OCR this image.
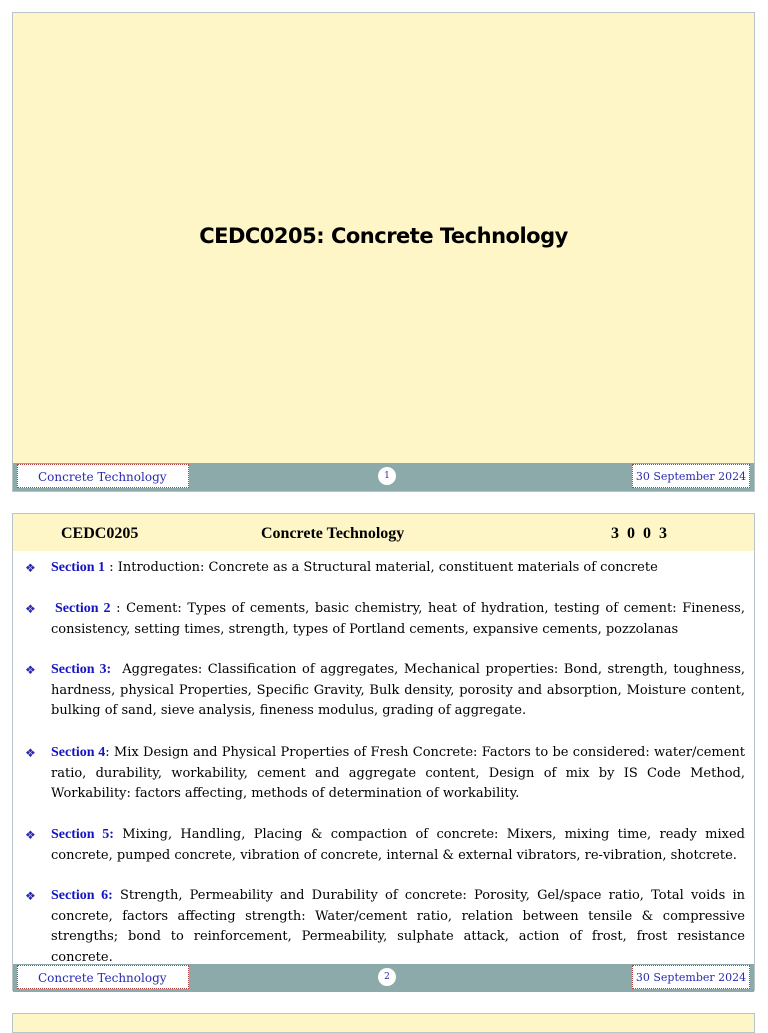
CEDC0205: Concrete Technology
Concrete Technology	1	30 September 2024
CEDC0205	Concrete Technology	3 0 0 3
❖ Section 1 : Introduction: Concrete as a Structural material, constituent materials of concrete
❖ Section 2 : Cement: Types of cements, basic chemistry, heat of hydration, testing of cement: Fineness, consistency, setting times, strength, types of Portland cements, expansive cements, pozzolanas
❖ Section 3: Aggregates: Classification of aggregates, Mechanical properties: Bond, strength, toughness, hardness, physical Properties, Specific Gravity, Bulk density, porosity and absorption, Moisture content, bulking of sand, sieve analysis, fineness modulus, grading of aggregate.
❖ Section 4: Mix Design and Physical Properties of Fresh Concrete: Factors to be considered: water/cement ratio, durability, workability, cement and aggregate content, Design of mix by IS Code Method, Workability: factors affecting, methods of determination of workability.
❖ Section 5: Mixing, Handling, Placing & compaction of concrete: Mixers, mixing time, ready mixed concrete, pumped concrete, vibration of concrete, internal & external vibrators, re-vibration, shotcrete.
❖ Section 6: Strength, Permeability and Durability of concrete: Porosity, Gel/space ratio, Total voids in concrete, factors affecting strength: Water/cement ratio, relation between tensile & compressive strengths; bond to reinforcement, Permeability, sulphate attack, action of frost, frost resistance concrete.
Concrete Technology	2	30 September 2024
